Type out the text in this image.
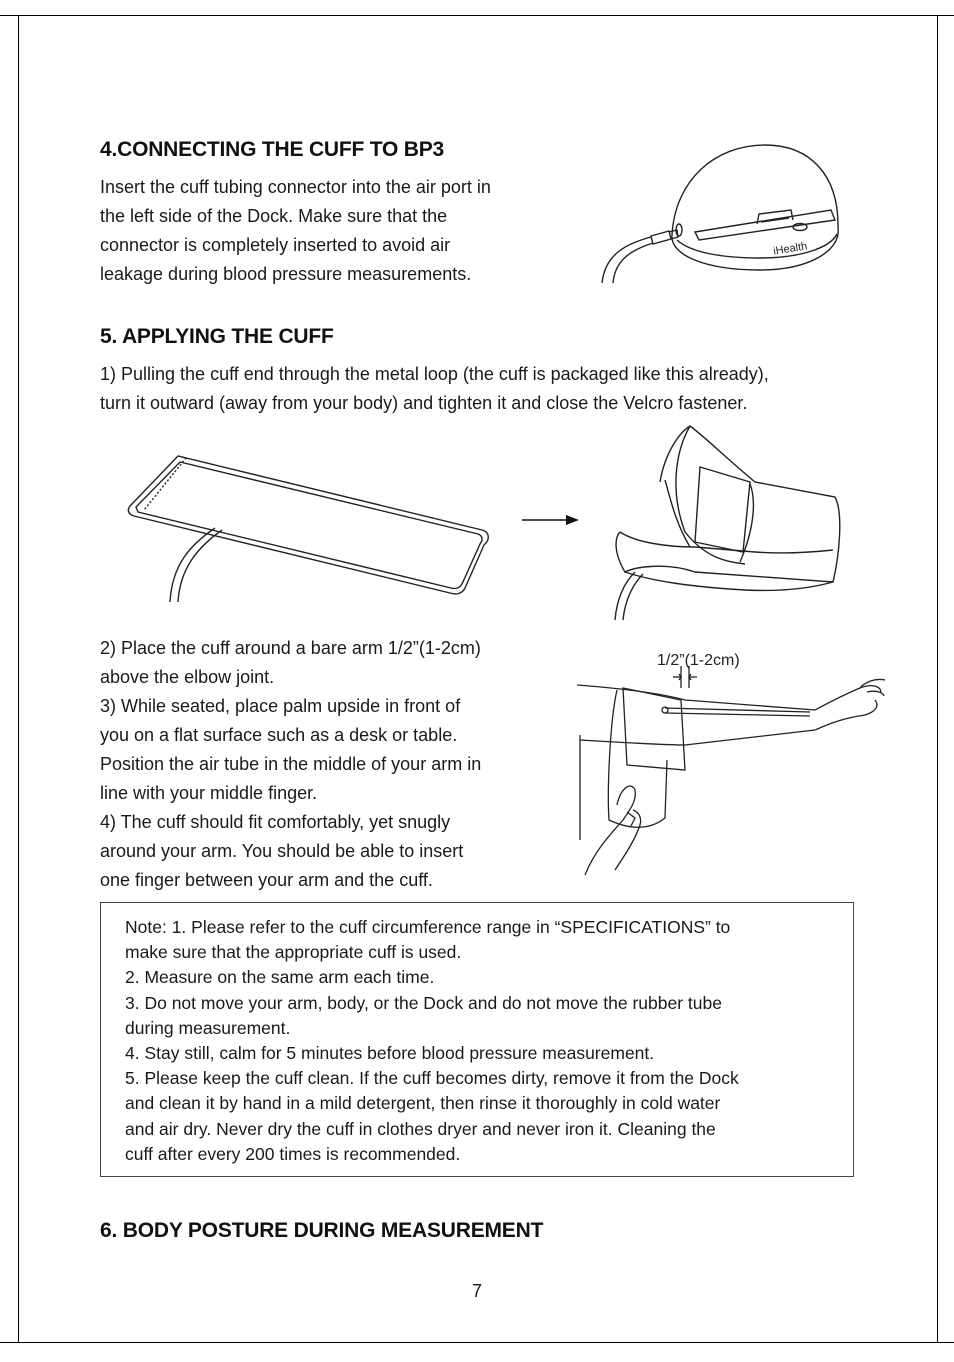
4.CONNECTING THE CUFF TO BP3
Insert the cuff tubing connector into the air port in
the left side of the Dock. Make sure that the
connector is completely inserted to avoid air
leakage during blood pressure measurements.
iHealth
5. APPLYING THE CUFF
1) Pulling the cuff end through the metal loop (the cuff is packaged like this already),
turn it outward (away from your body) and tighten it and close the Velcro fastener.
2) Place the cuff around a bare arm 1/2”(1-2cm)
above the elbow joint.
3) While seated, place palm upside in front of
you on a flat surface such as a desk or table.
Position the air tube in the middle of your arm in
line with your middle finger.
4) The cuff should fit comfortably, yet snugly
around your arm. You should be able to insert
one finger between your arm and the cuff.
1/2”(1-2cm)
Note: 1. Please refer to the cuff circumference range in “SPECIFICATIONS” to
make sure that the appropriate cuff is used.
2. Measure on the same arm each time.
3. Do not move your arm, body, or the Dock and do not move the rubber tube
during measurement.
4. Stay still, calm for 5 minutes before blood pressure measurement.
5. Please keep the cuff clean. If the cuff becomes dirty, remove it from the Dock
and clean it by hand in a mild detergent, then rinse it thoroughly in cold water
and air dry. Never dry the cuff in clothes dryer and never iron it. Cleaning the
cuff after every 200 times is recommended.
6. BODY POSTURE DURING MEASUREMENT
7
